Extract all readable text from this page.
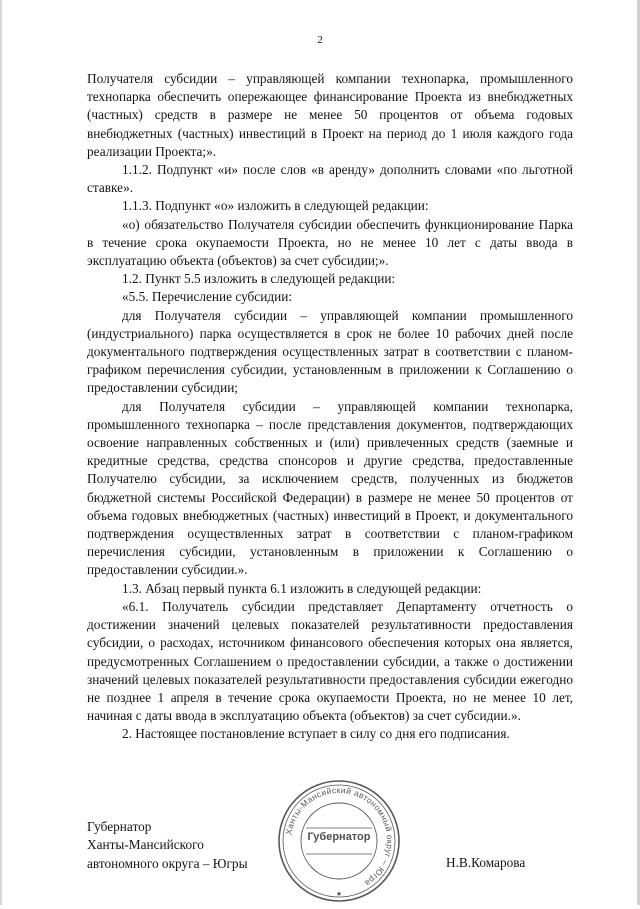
2

Получателя субсидии – управляющей компании технопарка, промышленного технопарка обеспечить опережающее финансирование Проекта из внебюджетных (частных) средств в размере не менее 50 процентов от объема годовых внебюджетных (частных) инвестиций в Проект на период до 1 июля каждого года реализации Проекта;».

1.1.2. Подпункт «и» после слов «в аренду» дополнить словами «по льготной ставке».

1.1.3. Подпункт «о» изложить в следующей редакции:

«о) обязательство Получателя субсидии обеспечить функционирование Парка в течение срока окупаемости Проекта, но не менее 10 лет с даты ввода в эксплуатацию объекта (объектов) за счет субсидии;».

1.2. Пункт 5.5 изложить в следующей редакции:

«5.5. Перечисление субсидии:

для Получателя субсидии – управляющей компании промышленного (индустриального) парка осуществляется в срок не более 10 рабочих дней после документального подтверждения осуществленных затрат в соответствии с планом-графиком перечисления субсидии, установленным в приложении к Соглашению о предоставлении субсидии;

для Получателя субсидии – управляющей компании технопарка, промышленного технопарка – после представления документов, подтверждающих освоение направленных собственных и (или) привлеченных средств (заемные и кредитные средства, средства спонсоров и другие средства, предоставленные Получателю субсидии, за исключением средств, полученных из бюджетов бюджетной системы Российской Федерации) в размере не менее 50 процентов от объема годовых внебюджетных (частных) инвестиций в Проект, и документального подтверждения осуществленных затрат в соответствии с планом-графиком перечисления субсидии, установленным в приложении к Соглашению о предоставлении субсидии.».

1.3. Абзац первый пункта 6.1 изложить в следующей редакции:

«6.1. Получатель субсидии представляет Департаменту отчетность о достижении значений целевых показателей результативности предоставления субсидии, о расходах, источником финансового обеспечения которых она является, предусмотренных Соглашением о предоставлении субсидии, а также о достижении значений целевых показателей результативности предоставления субсидии ежегодно не позднее 1 апреля в течение срока окупаемости Проекта, но не менее 10 лет, начиная с даты ввода в эксплуатацию объекта (объектов) за счет субсидии.».

2. Настоящее постановление вступает в силу со дня его подписания.

Губернатор
Ханты-Мансийского
автономного округа – Югры
Ханты-Мансийский автономный округ – Югра
★
Губернатор
Н.В.Комарова
